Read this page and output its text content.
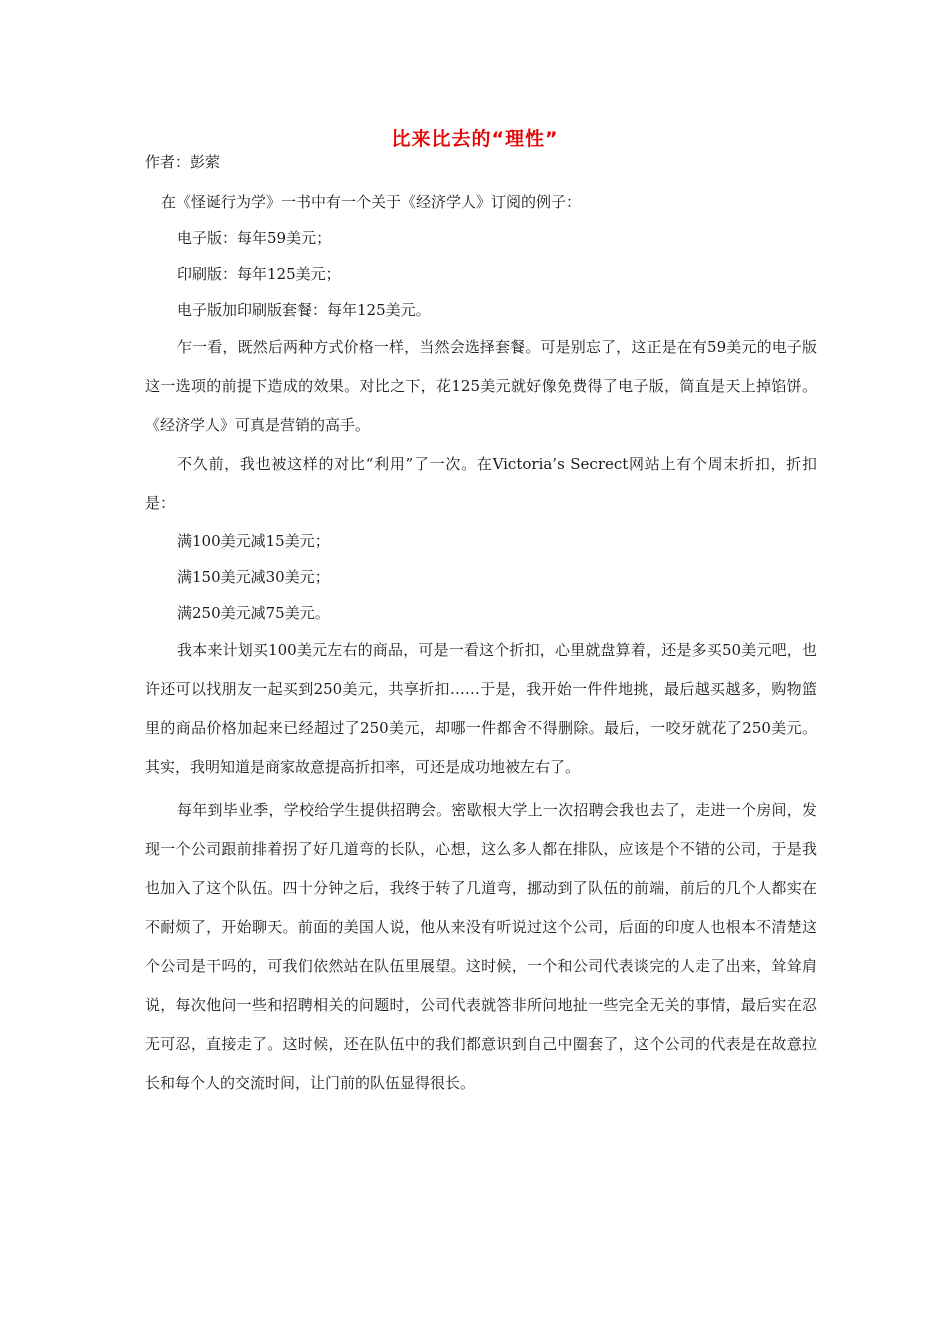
比来比去的“理性”
作者：彭萦

在《怪诞行为学》一书中有一个关于《经济学人》订阅的例子：

电子版：每年59美元；

印刷版：每年125美元；

电子版加印刷版套餐：每年125美元。

乍一看，既然后两种方式价格一样，当然会选择套餐。可是别忘了，这正是在有59美元的电子版这一选项的前提下造成的效果。对比之下，花125美元就好像免费得了电子版，简直是天上掉馅饼。《经济学人》可真是营销的高手。

不久前，我也被这样的对比“利用”了一次。在Victoria’s Secrect网站上有个周末折扣，折扣是：

满100美元减15美元；

满150美元减30美元；

满250美元减75美元。

我本来计划买100美元左右的商品，可是一看这个折扣，心里就盘算着，还是多买50美元吧，也许还可以找朋友一起买到250美元，共享折扣……于是，我开始一件件地挑，最后越买越多，购物篮里的商品价格加起来已经超过了250美元，却哪一件都舍不得删除。最后，一咬牙就花了250美元。其实，我明知道是商家故意提高折扣率，可还是成功地被左右了。

每年到毕业季，学校给学生提供招聘会。密歇根大学上一次招聘会我也去了，走进一个房间，发现一个公司跟前排着拐了好几道弯的长队，心想，这么多人都在排队，应该是个不错的公司，于是我也加入了这个队伍。四十分钟之后，我终于转了几道弯，挪动到了队伍的前端，前后的几个人都实在不耐烦了，开始聊天。前面的美国人说，他从来没有听说过这个公司，后面的印度人也根本不清楚这个公司是干吗的，可我们依然站在队伍里展望。这时候，一个和公司代表谈完的人走了出来，耸耸肩说，每次他问一些和招聘相关的问题时，公司代表就答非所问地扯一些完全无关的事情，最后实在忍无可忍，直接走了。这时候，还在队伍中的我们都意识到自己中圈套了，这个公司的代表是在故意拉长和每个人的交流时间，让门前的队伍显得很长。
